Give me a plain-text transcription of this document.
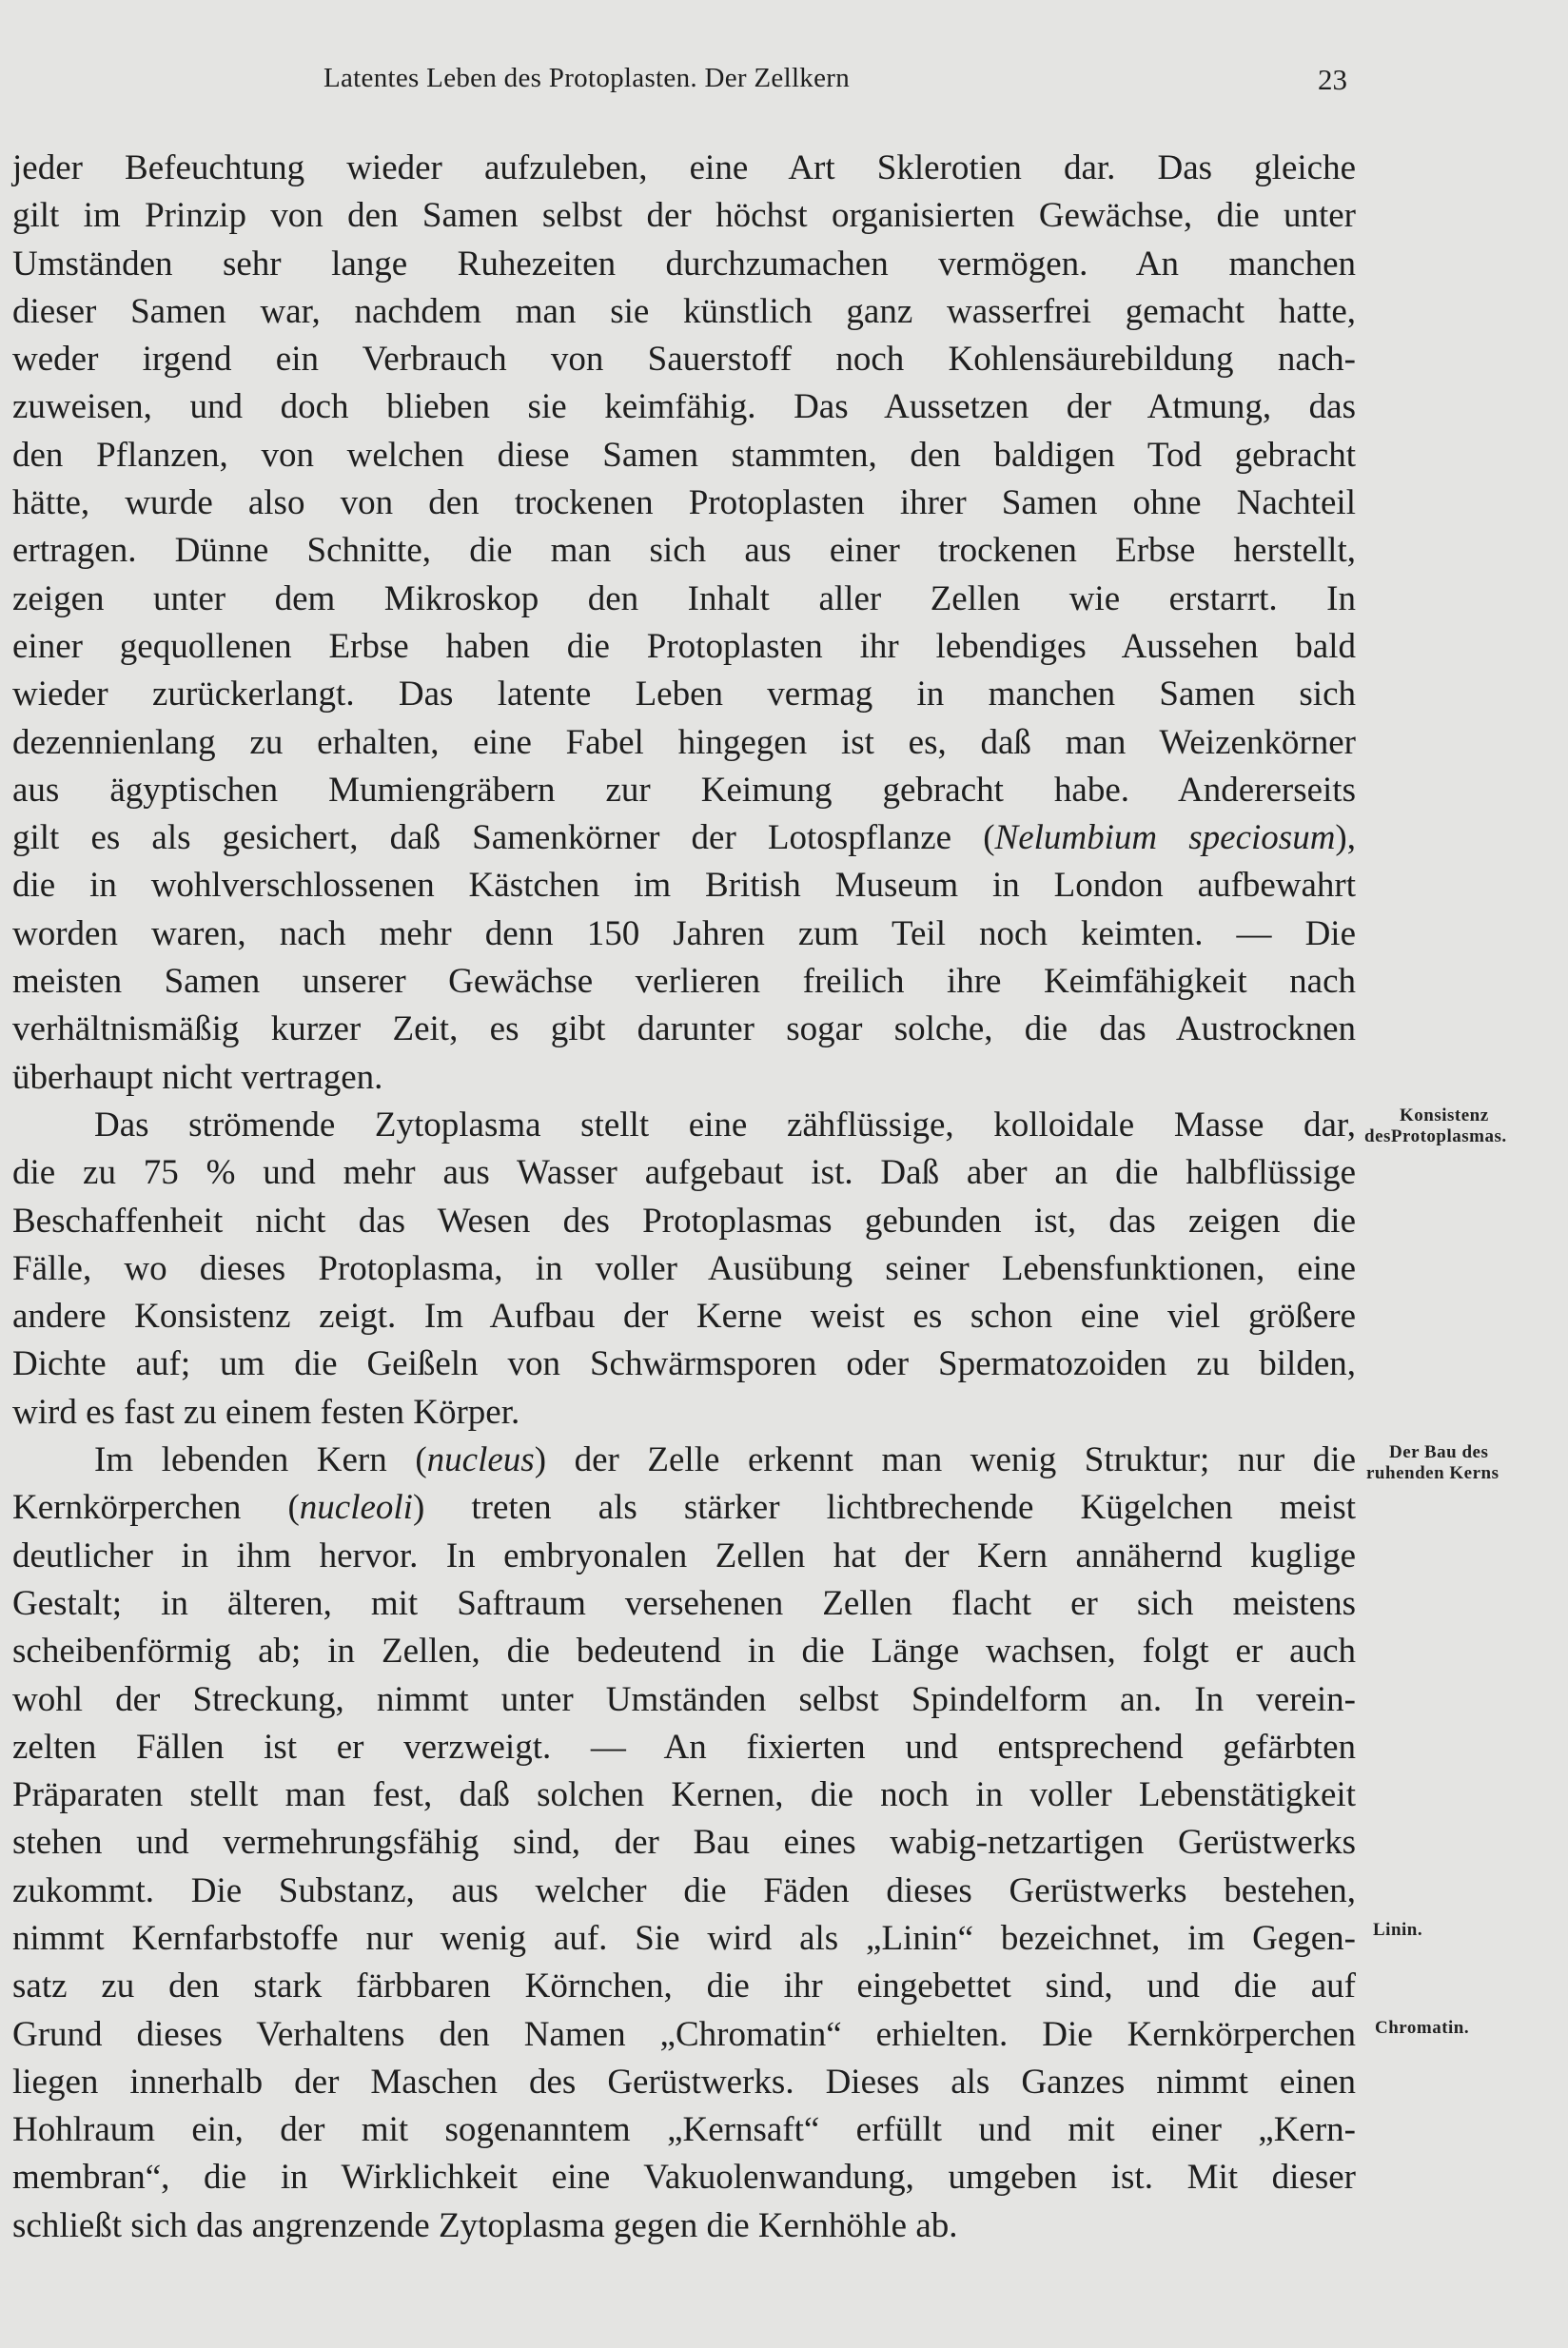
Latentes Leben des Protoplasten. Der Zellkern	23
jeder Befeuchtung wieder aufzuleben, eine Art Sklerotien dar. Das gleiche
gilt im Prinzip von den Samen selbst der höchst organisierten Gewächse, die unter
Umständen sehr lange Ruhezeiten durchzumachen vermögen. An manchen
dieser Samen war, nachdem man sie künstlich ganz wasserfrei gemacht hatte,
weder irgend ein Verbrauch von Sauerstoff noch Kohlensäurebildung nach-
zuweisen, und doch blieben sie keimfähig. Das Aussetzen der Atmung, das
den Pflanzen, von welchen diese Samen stammten, den baldigen Tod gebracht
hätte, wurde also von den trockenen Protoplasten ihrer Samen ohne Nachteil
ertragen. Dünne Schnitte, die man sich aus einer trockenen Erbse herstellt,
zeigen unter dem Mikroskop den Inhalt aller Zellen wie erstarrt. In
einer gequollenen Erbse haben die Protoplasten ihr lebendiges Aussehen bald
wieder zurückerlangt. Das latente Leben vermag in manchen Samen sich
dezennienlang zu erhalten, eine Fabel hingegen ist es, daß man Weizenkörner
aus ägyptischen Mumiengräbern zur Keimung gebracht habe. Andererseits
gilt es als gesichert, daß Samenkörner der Lotospflanze (Nelumbium speciosum),
die in wohlverschlossenen Kästchen im British Museum in London aufbewahrt
worden waren, nach mehr denn 150 Jahren zum Teil noch keimten. — Die
meisten Samen unserer Gewächse verlieren freilich ihre Keimfähigkeit nach
verhältnismäßig kurzer Zeit, es gibt darunter sogar solche, die das Austrocknen
überhaupt nicht vertragen.
Das strömende Zytoplasma stellt eine zähflüssige, kolloidale Masse dar,
die zu 75 % und mehr aus Wasser aufgebaut ist. Daß aber an die halbflüssige
Beschaffenheit nicht das Wesen des Protoplasmas gebunden ist, das zeigen die
Fälle, wo dieses Protoplasma, in voller Ausübung seiner Lebensfunktionen, eine
andere Konsistenz zeigt. Im Aufbau der Kerne weist es schon eine viel größere
Dichte auf; um die Geißeln von Schwärmsporen oder Spermatozoiden zu bilden,
wird es fast zu einem festen Körper.
Im lebenden Kern (nucleus) der Zelle erkennt man wenig Struktur; nur die
Kernkörperchen (nucleoli) treten als stärker lichtbrechende Kügelchen meist
deutlicher in ihm hervor. In embryonalen Zellen hat der Kern annähernd kuglige
Gestalt; in älteren, mit Saftraum versehenen Zellen flacht er sich meistens
scheibenförmig ab; in Zellen, die bedeutend in die Länge wachsen, folgt er auch
wohl der Streckung, nimmt unter Umständen selbst Spindelform an. In verein-
zelten Fällen ist er verzweigt. — An fixierten und entsprechend gefärbten
Präparaten stellt man fest, daß solchen Kernen, die noch in voller Lebenstätigkeit
stehen und vermehrungsfähig sind, der Bau eines wabig-netzartigen Gerüstwerks
zukommt. Die Substanz, aus welcher die Fäden dieses Gerüstwerks bestehen,
nimmt Kernfarbstoffe nur wenig auf. Sie wird als „Linin“ bezeichnet, im Gegen-
satz zu den stark färbbaren Körnchen, die ihr eingebettet sind, und die auf
Grund dieses Verhaltens den Namen „Chromatin“ erhielten. Die Kernkörperchen
liegen innerhalb der Maschen des Gerüstwerks. Dieses als Ganzes nimmt einen
Hohlraum ein, der mit sogenanntem „Kernsaft“ erfüllt und mit einer „Kern-
membran“, die in Wirklichkeit eine Vakuolenwandung, umgeben ist. Mit dieser
schließt sich das angrenzende Zytoplasma gegen die Kernhöhle ab.
Konsistenz
desProtoplasmas.
Der Bau des
ruhenden Kerns
Linin.
Chromatin.
